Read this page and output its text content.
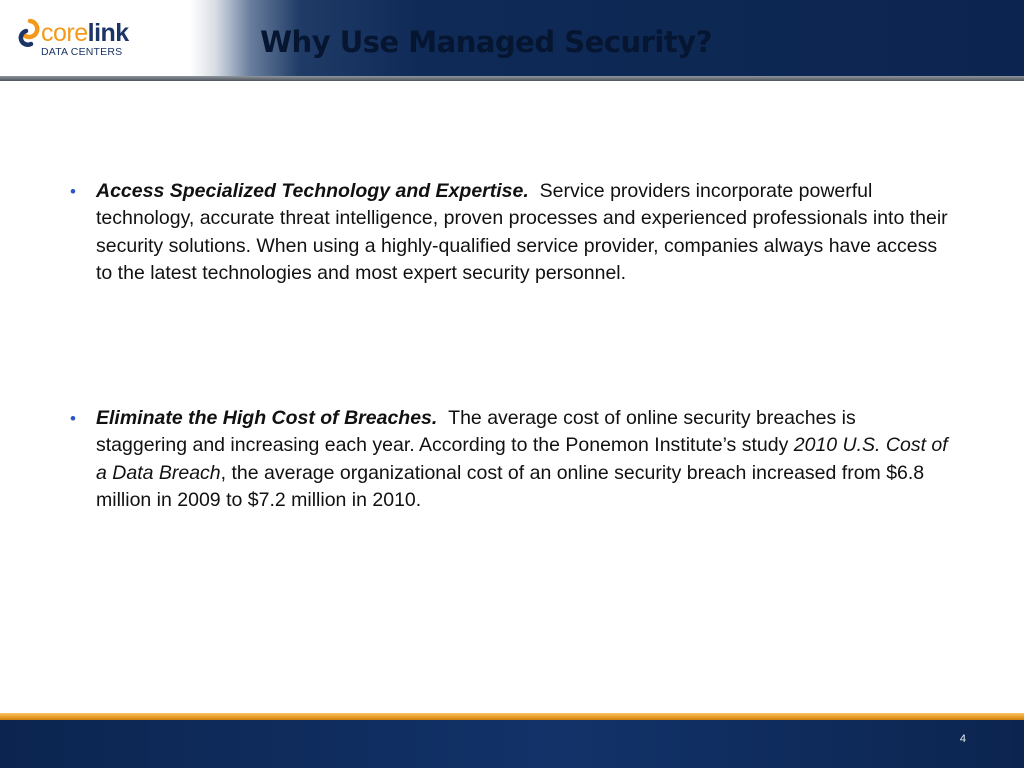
corelink
DATA CENTERS	Why Use Managed Security?
• Access Specialized Technology and Expertise. Service providers incorporate powerful technology, accurate threat intelligence, proven processes and experienced professionals into their security solutions. When using a highly-qualified service provider, companies always have access to the latest technologies and most expert security personnel.
• Eliminate the High Cost of Breaches. The average cost of online security breaches is staggering and increasing each year. According to the Ponemon Institute’s study 2010 U.S. Cost of a Data Breach, the average organizational cost of an online security breach increased from $6.8 million in 2009 to $7.2 million in 2010.
4
